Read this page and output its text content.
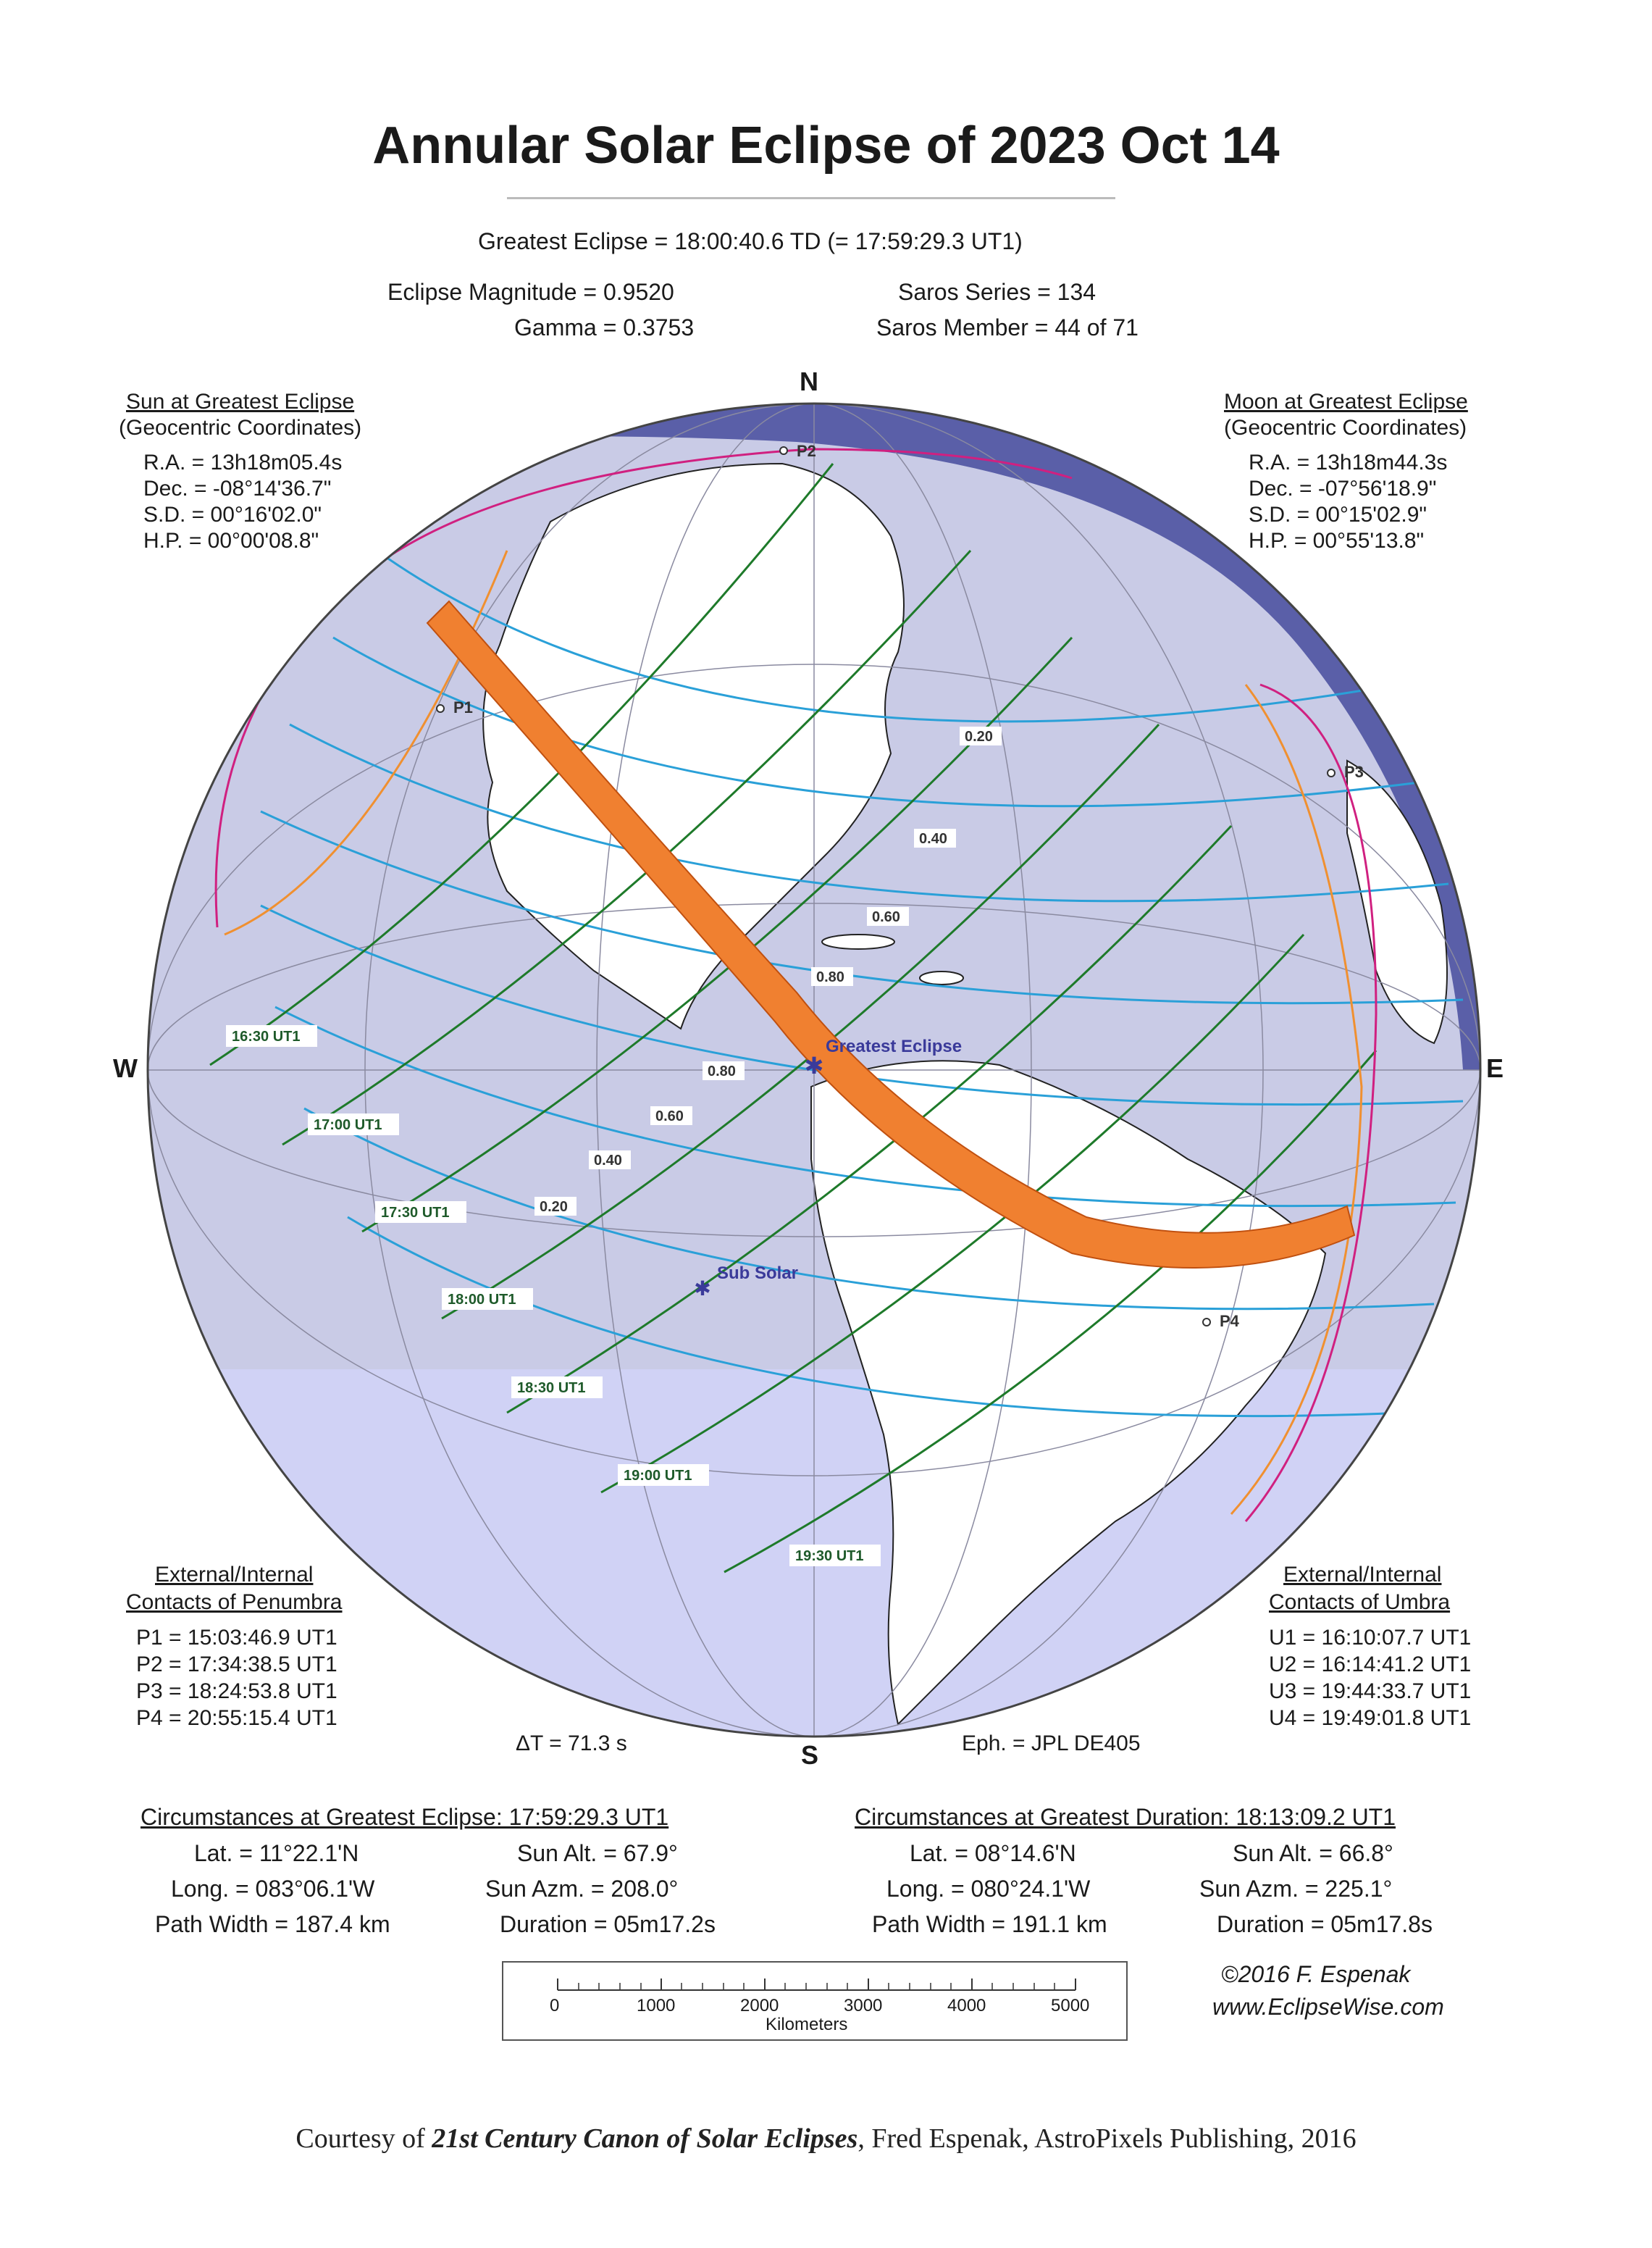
Annular Solar Eclipse of 2023 Oct 14
Greatest Eclipse = 18:00:40.6 TD (= 17:59:29.3 UT1)
Eclipse Magnitude = 0.9520
Gamma = 0.3753
Saros Series = 134
Saros Member = 44 of 71
Sun at Greatest Eclipse
(Geocentric Coordinates)
R.A. = 13h18m05.4s
Dec. = -08°14'36.7"
S.D. = 00°16'02.0"
H.P. = 00°00'08.8"
Moon at Greatest Eclipse
(Geocentric Coordinates)
R.A. = 13h18m44.3s
Dec. = -07°56'18.9"
S.D. = 00°15'02.9"
H.P. = 00°55'13.8"
N
S
E
W
P2
P1
P3
P4
✱
Greatest Eclipse
✱
Sub Solar
0.20
0.40
0.60
0.80
0.80
0.60
0.40
0.20
16:30 UT1
17:00 UT1
17:30 UT1
18:00 UT1
18:30 UT1
19:00 UT1
19:30 UT1
External/Internal
Contacts of Penumbra
P1 = 15:03:46.9 UT1
P2 = 17:34:38.5 UT1
P3 = 18:24:53.8 UT1
P4 = 20:55:15.4 UT1
External/Internal
Contacts of Umbra
U1 = 16:10:07.7 UT1
U2 = 16:14:41.2 UT1
U3 = 19:44:33.7 UT1
U4 = 19:49:01.8 UT1
ΔT = 71.3 s	Eph. = JPL DE405
Circumstances at Greatest Eclipse: 17:59:29.3 UT1
Lat. = 11°22.1'N
Long. = 083°06.1'W
Path Width = 187.4 km
Sun Alt. = 67.9°
Sun Azm. = 208.0°
Duration = 05m17.2s
Circumstances at Greatest Duration: 18:13:09.2 UT1
Lat. = 08°14.6'N
Long. = 080°24.1'W
Path Width = 191.1 km
Sun Alt. = 66.8°
Sun Azm. = 225.1°
Duration = 05m17.8s
0	1000	2000	3000	4000	5000
Kilometers
©2016 F. Espenak
www.EclipseWise.com
Courtesy of 21st Century Canon of Solar Eclipses, Fred Espenak, AstroPixels Publishing, 2016
